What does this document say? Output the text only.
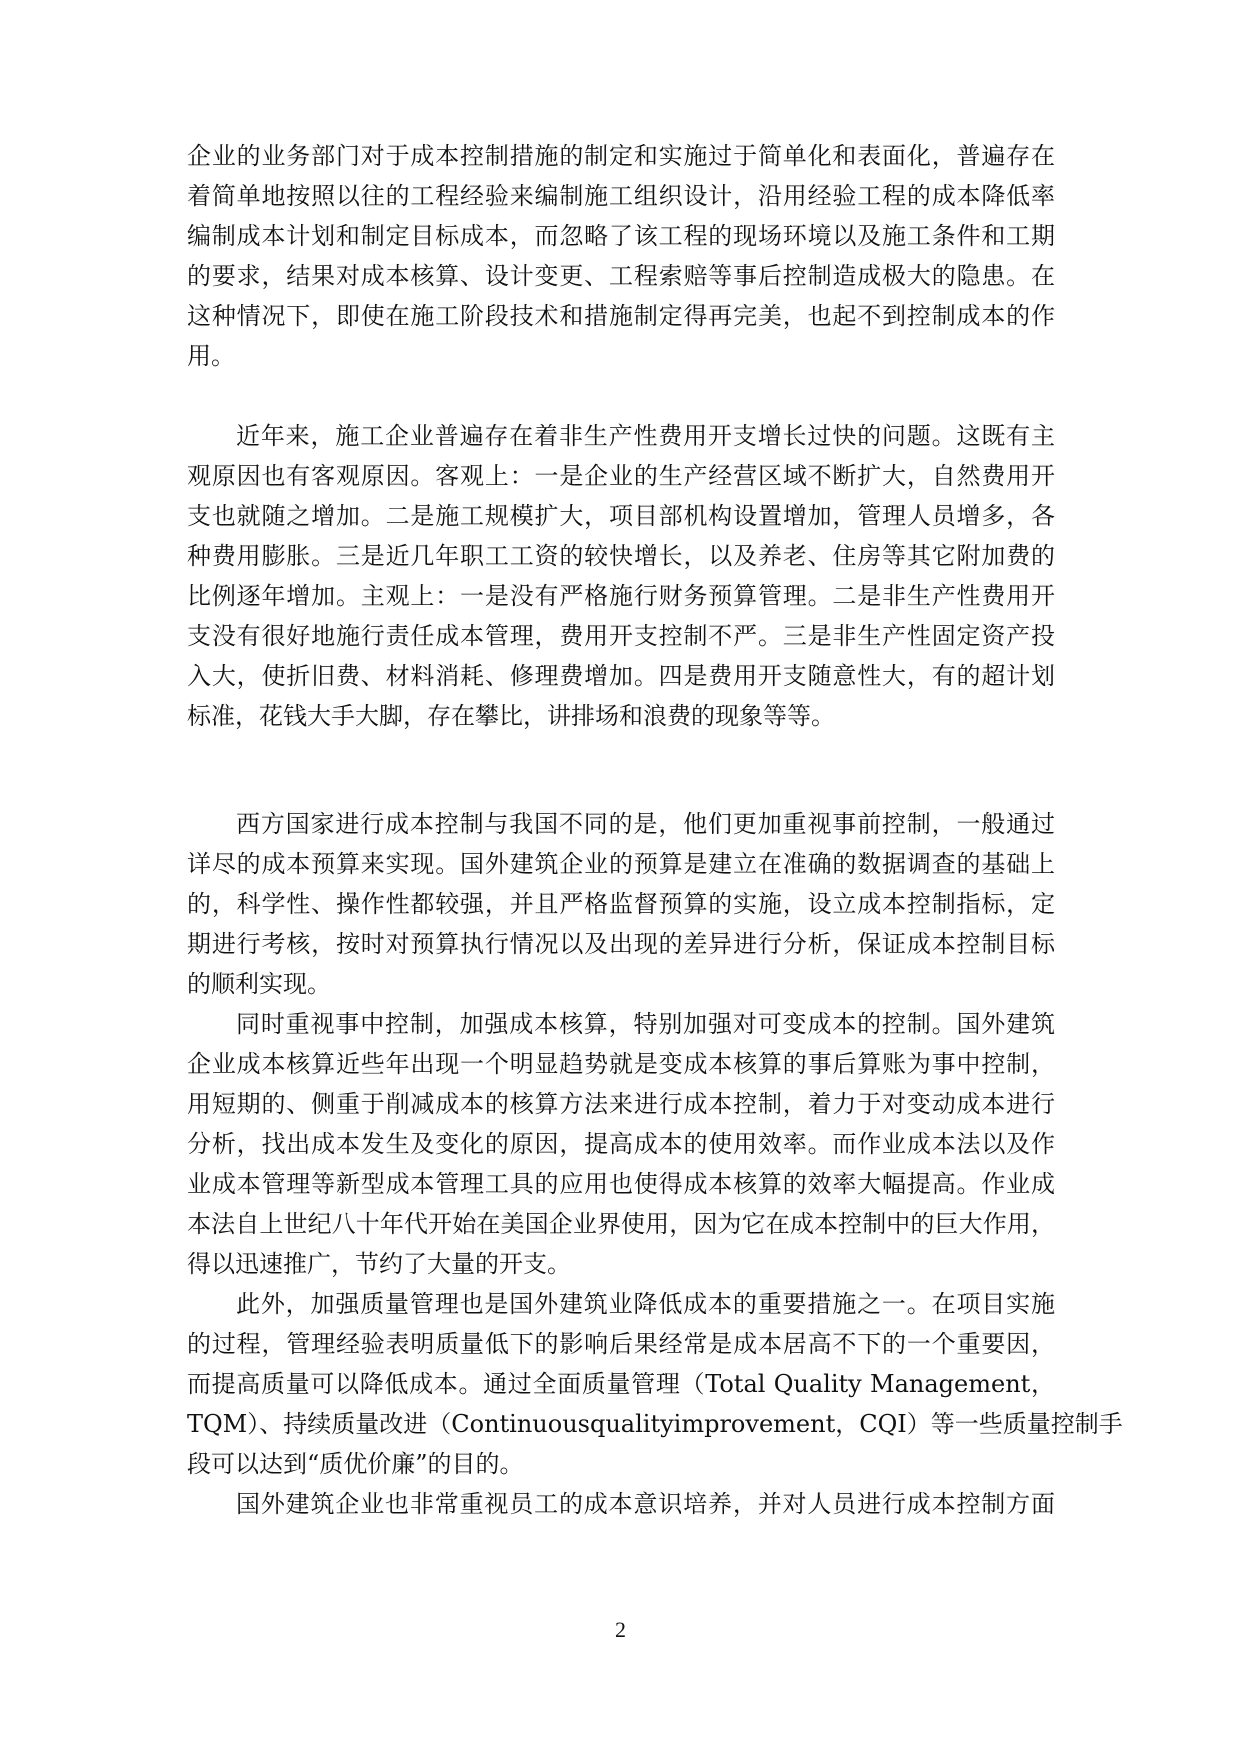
企业的业务部门对于成本控制措施的制定和实施过于简单化和表面化，普遍存在
着简单地按照以往的工程经验来编制施工组织设计，沿用经验工程的成本降低率
编制成本计划和制定目标成本，而忽略了该工程的现场环境以及施工条件和工期
的要求，结果对成本核算、设计变更、工程索赔等事后控制造成极大的隐患。在
这种情况下，即使在施工阶段技术和措施制定得再完美，也起不到控制成本的作
用。
近年来，施工企业普遍存在着非生产性费用开支增长过快的问题。这既有主
观原因也有客观原因。客观上：一是企业的生产经营区域不断扩大，自然费用开
支也就随之增加。二是施工规模扩大，项目部机构设置增加，管理人员增多，各
种费用膨胀。三是近几年职工工资的较快增长，以及养老、住房等其它附加费的
比例逐年增加。主观上：一是没有严格施行财务预算管理。二是非生产性费用开
支没有很好地施行责任成本管理，费用开支控制不严。三是非生产性固定资产投
入大，使折旧费、材料消耗、修理费增加。四是费用开支随意性大，有的超计划
标准，花钱大手大脚，存在攀比，讲排场和浪费的现象等等。
西方国家进行成本控制与我国不同的是，他们更加重视事前控制，一般通过
详尽的成本预算来实现。国外建筑企业的预算是建立在准确的数据调查的基础上
的，科学性、操作性都较强，并且严格监督预算的实施，设立成本控制指标，定
期进行考核，按时对预算执行情况以及出现的差异进行分析，保证成本控制目标
的顺利实现。
同时重视事中控制，加强成本核算，特别加强对可变成本的控制。国外建筑
企业成本核算近些年出现一个明显趋势就是变成本核算的事后算账为事中控制，
用短期的、侧重于削减成本的核算方法来进行成本控制，着力于对变动成本进行
分析，找出成本发生及变化的原因，提高成本的使用效率。而作业成本法以及作
业成本管理等新型成本管理工具的应用也使得成本核算的效率大幅提高。作业成
本法自上世纪八十年代开始在美国企业界使用，因为它在成本控制中的巨大作用，
得以迅速推广，节约了大量的开支。
此外，加强质量管理也是国外建筑业降低成本的重要措施之一。在项目实施
的过程，管理经验表明质量低下的影响后果经常是成本居高不下的一个重要因，
而提高质量可以降低成本。通过全面质量管理（Total Quality Management，
TQM）、持续质量改进（Continuousqualityimprovement，CQI）等一些质量控制手
段可以达到“质优价廉”的目的。
国外建筑企业也非常重视员工的成本意识培养，并对人员进行成本控制方面
2
